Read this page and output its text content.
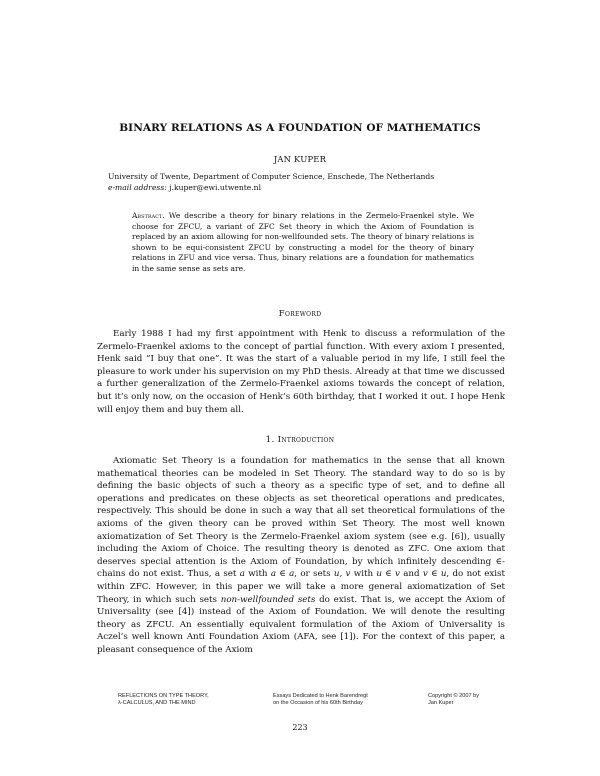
BINARY RELATIONS AS A FOUNDATION OF MATHEMATICS
JAN KUPER
University of Twente, Department of Computer Science, Enschede, The Netherlands
e-mail address: j.kuper@ewi.utwente.nl
Abstract. We describe a theory for binary relations in the Zermelo-Fraenkel style. We choose for ZFCU, a variant of ZFC Set theory in which the Axiom of Foundation is replaced by an axiom allowing for non-wellfounded sets. The theory of binary relations is shown to be equi-consistent ZFCU by constructing a model for the theory of binary relations in ZFU and vice versa. Thus, binary relations are a foundation for mathematics in the same sense as sets are.
Foreword

Early 1988 I had my first appointment with Henk to discuss a reformulation of the Zermelo-Fraenkel axioms to the concept of partial function. With every axiom I presented, Henk said “I buy that one”. It was the start of a valuable period in my life, I still feel the pleasure to work under his supervision on my PhD thesis. Already at that time we discussed a further generalization of the Zermelo-Fraenkel axioms towards the concept of relation, but it’s only now, on the occasion of Henk’s 60th birthday, that I worked it out. I hope Henk will enjoy them and buy them all.

1. Introduction

Axiomatic Set Theory is a foundation for mathematics in the sense that all known mathematical theories can be modeled in Set Theory. The standard way to do so is by defining the basic objects of such a theory as a specific type of set, and to define all operations and predicates on these objects as set theoretical operations and predicates, respectively. This should be done in such a way that all set theoretical formulations of the axioms of the given theory can be proved within Set Theory. The most well known axiomatization of Set Theory is the Zermelo-Fraenkel axiom system (see e.g. [6]), usually including the Axiom of Choice. The resulting theory is denoted as ZFC. One axiom that deserves special attention is the Axiom of Foundation, by which infinitely descending ∈-chains do not exist. Thus, a set a with a ∈ a, or sets u, v with u ∈ v and v ∈ u, do not exist within ZFC. However, in this paper we will take a more general axiomatization of Set Theory, in which such sets non-wellfounded sets do exist. That is, we accept the Axiom of Universality (see [4]) instead of the Axiom of Foundation. We will denote the resulting theory as ZFCU. An essentially equivalent formulation of the Axiom of Universality is Aczel’s well known Anti Foundation Axiom (AFA, see [1]). For the context of this paper, a pleasant consequence of the Axiom

REFLECTIONS ON TYPE THEORY,
λ-CALCULUS, AND THE MIND
Essays Dedicated to Henk Barendregt
on the Occasion of his 60th Birthday
Copyright © 2007 by
Jan Kuper
223
